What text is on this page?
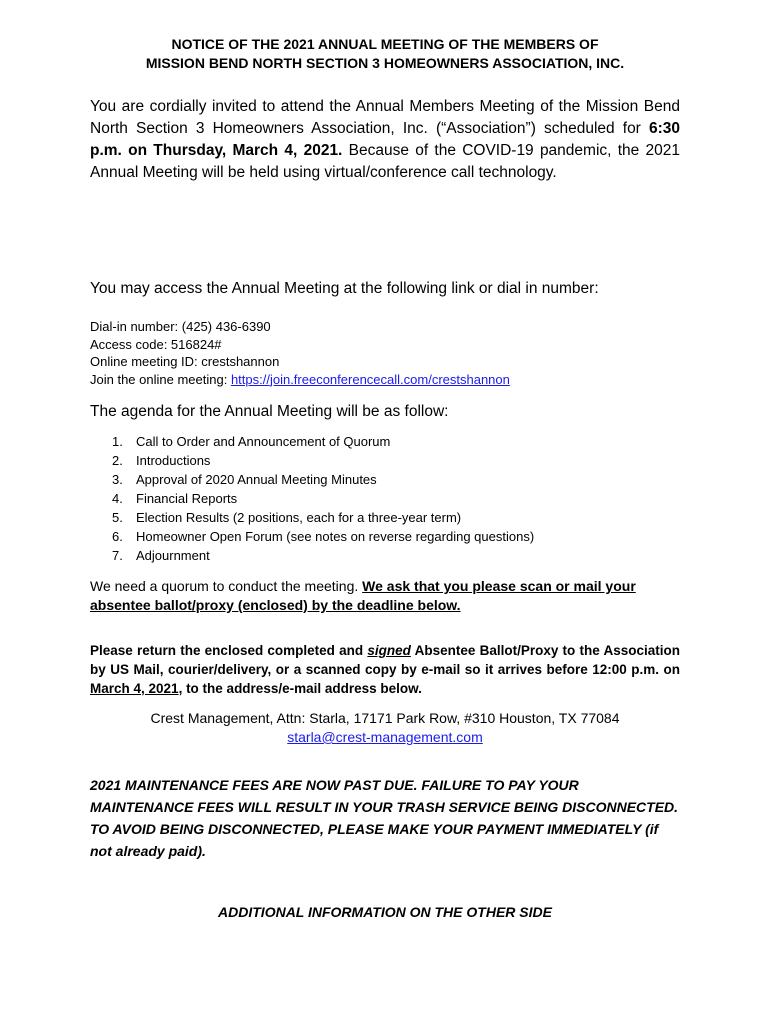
NOTICE OF THE 2021 ANNUAL MEETING OF THE MEMBERS OF
MISSION BEND NORTH SECTION 3 HOMEOWNERS ASSOCIATION, INC.
You are cordially invited to attend the Annual Members Meeting of the Mission Bend North Section 3 Homeowners Association, Inc. (“Association”) scheduled for 6:30 p.m. on Thursday, March 4, 2021. Because of the COVID-19 pandemic, the 2021 Annual Meeting will be held using virtual/conference call technology.
You may access the Annual Meeting at the following link or dial in number:
Dial-in number: (425) 436-6390
Access code: 516824#
Online meeting ID: crestshannon
Join the online meeting: https://join.freeconferencecall.com/crestshannon
The agenda for the Annual Meeting will be as follow:
1. Call to Order and Announcement of Quorum
2. Introductions
3. Approval of 2020 Annual Meeting Minutes
4. Financial Reports
5. Election Results (2 positions, each for a three-year term)
6. Homeowner Open Forum (see notes on reverse regarding questions)
7. Adjournment
We need a quorum to conduct the meeting. We ask that you please scan or mail your absentee ballot/proxy (enclosed) by the deadline below.
Please return the enclosed completed and signed Absentee Ballot/Proxy to the Association by US Mail, courier/delivery, or a scanned copy by e-mail so it arrives before 12:00 p.m. on March 4, 2021, to the address/e-mail address below.
Crest Management, Attn: Starla, 17171 Park Row, #310 Houston, TX 77084
starla@crest-management.com
2021 MAINTENANCE FEES ARE NOW PAST DUE. FAILURE TO PAY YOUR MAINTENANCE FEES WILL RESULT IN YOUR TRASH SERVICE BEING DISCONNECTED. TO AVOID BEING DISCONNECTED, PLEASE MAKE YOUR PAYMENT IMMEDIATELY (if not already paid).
ADDITIONAL INFORMATION ON THE OTHER SIDE
